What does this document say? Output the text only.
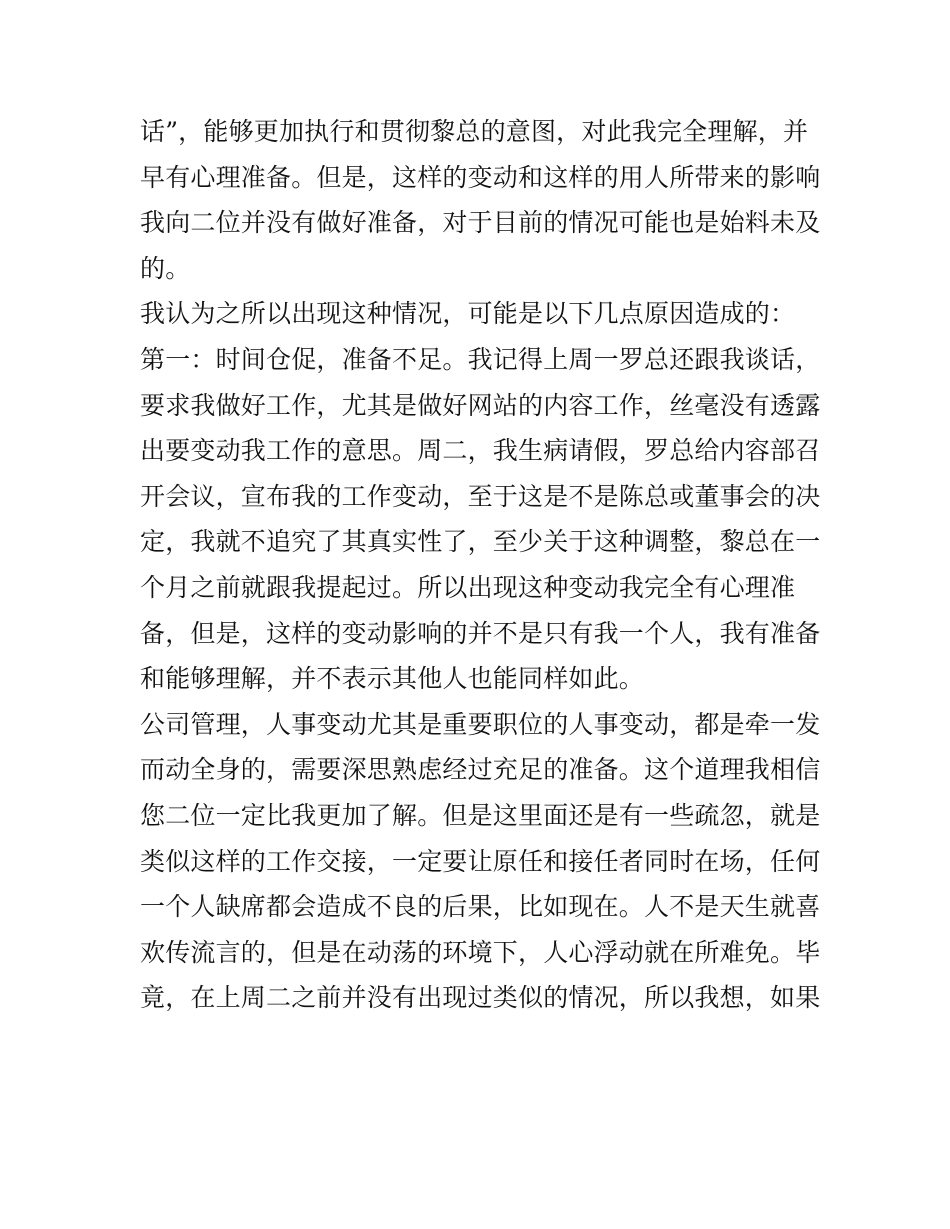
话”，能够更加执行和贯彻黎总的意图，对此我完全理解，并
早有心理准备。但是，这样的变动和这样的用人所带来的影响
我向二位并没有做好准备，对于目前的情况可能也是始料未及
的。
我认为之所以出现这种情况，可能是以下几点原因造成的：
第一：时间仓促，准备不足。我记得上周一罗总还跟我谈话，
要求我做好工作，尤其是做好网站的内容工作，丝毫没有透露
出要变动我工作的意思。周二，我生病请假，罗总给内容部召
开会议，宣布我的工作变动，至于这是不是陈总或董事会的决
定，我就不追究了其真实性了，至少关于这种调整，黎总在一
个月之前就跟我提起过。所以出现这种变动我完全有心理准
备，但是，这样的变动影响的并不是只有我一个人，我有准备
和能够理解，并不表示其他人也能同样如此。
公司管理，人事变动尤其是重要职位的人事变动，都是牵一发
而动全身的，需要深思熟虑经过充足的准备。这个道理我相信
您二位一定比我更加了解。但是这里面还是有一些疏忽，就是
类似这样的工作交接，一定要让原任和接任者同时在场，任何
一个人缺席都会造成不良的后果，比如现在。人不是天生就喜
欢传流言的，但是在动荡的环境下，人心浮动就在所难免。毕
竟，在上周二之前并没有出现过类似的情况，所以我想，如果
